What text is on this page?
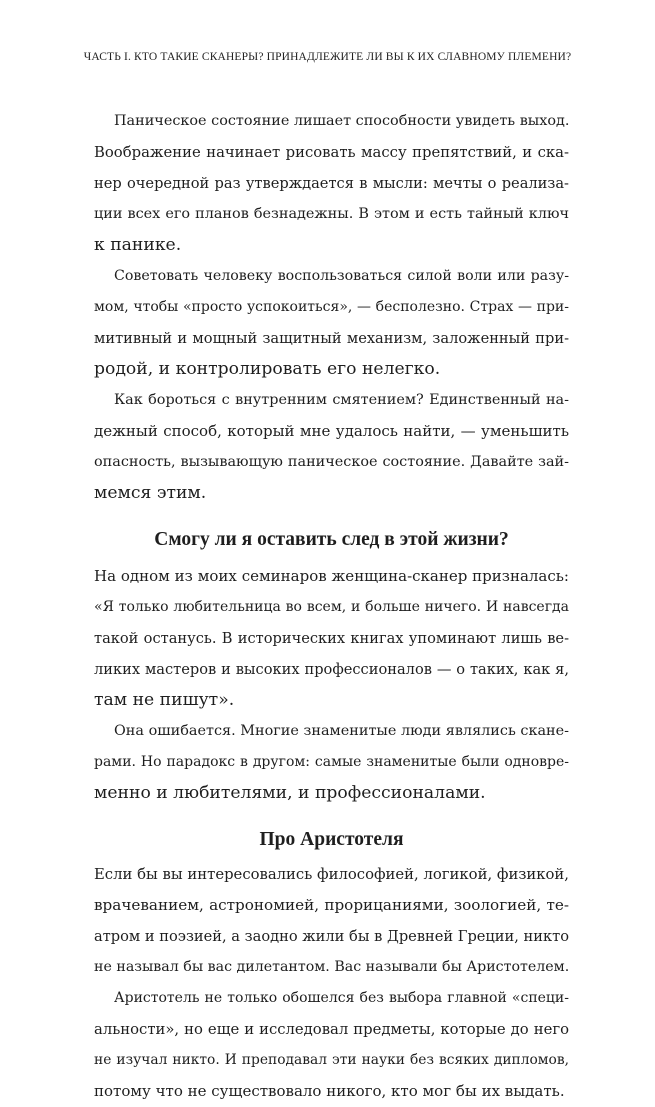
ЧАСТЬ I. КТО ТАКИЕ СКАНЕРЫ? ПРИНАДЛЕЖИТЕ ЛИ ВЫ К ИХ СЛАВНОМУ ПЛЕМЕНИ?
Паническое состояние лишает способности увидеть выход.
Воображение начинает рисовать массу препятствий, и ска-
нер очередной раз утверждается в мысли: мечты о реализа-
ции всех его планов безнадежны. В этом и есть тайный ключ
к панике.
Советовать человеку воспользоваться силой воли или разу-
мом, чтобы «просто успокоиться», — бесполезно. Страх — при-
митивный и мощный защитный механизм, заложенный при-
родой, и контролировать его нелегко.
Как бороться с внутренним смятением? Единственный на-
дежный способ, который мне удалось найти, — уменьшить
опасность, вызывающую паническое состояние. Давайте зай-
мемся этим.
Смогу ли я оставить след в этой жизни?
На одном из моих семинаров женщина-сканер призналась:
«Я только любительница во всем, и больше ничего. И навсегда
такой останусь. В исторических книгах упоминают лишь ве-
ликих мастеров и высоких профессионалов — о таких, как я,
там не пишут».
Она ошибается. Многие знаменитые люди являлись скане-
рами. Но парадокс в другом: самые знаменитые были одновре-
менно и любителями, и профессионалами.
Про Аристотеля
Если бы вы интересовались философией, логикой, физикой,
врачеванием, астрономией, прорицаниями, зоологией, те-
атром и поэзией, а заодно жили бы в Древней Греции, никто
не называл бы вас дилетантом. Вас называли бы Аристотелем.
Аристотель не только обошелся без выбора главной «специ-
альности», но еще и исследовал предметы, которые до него
не изучал никто. И преподавал эти науки без всяких дипломов,
потому что не существовало никого, кто мог бы их выдать.
